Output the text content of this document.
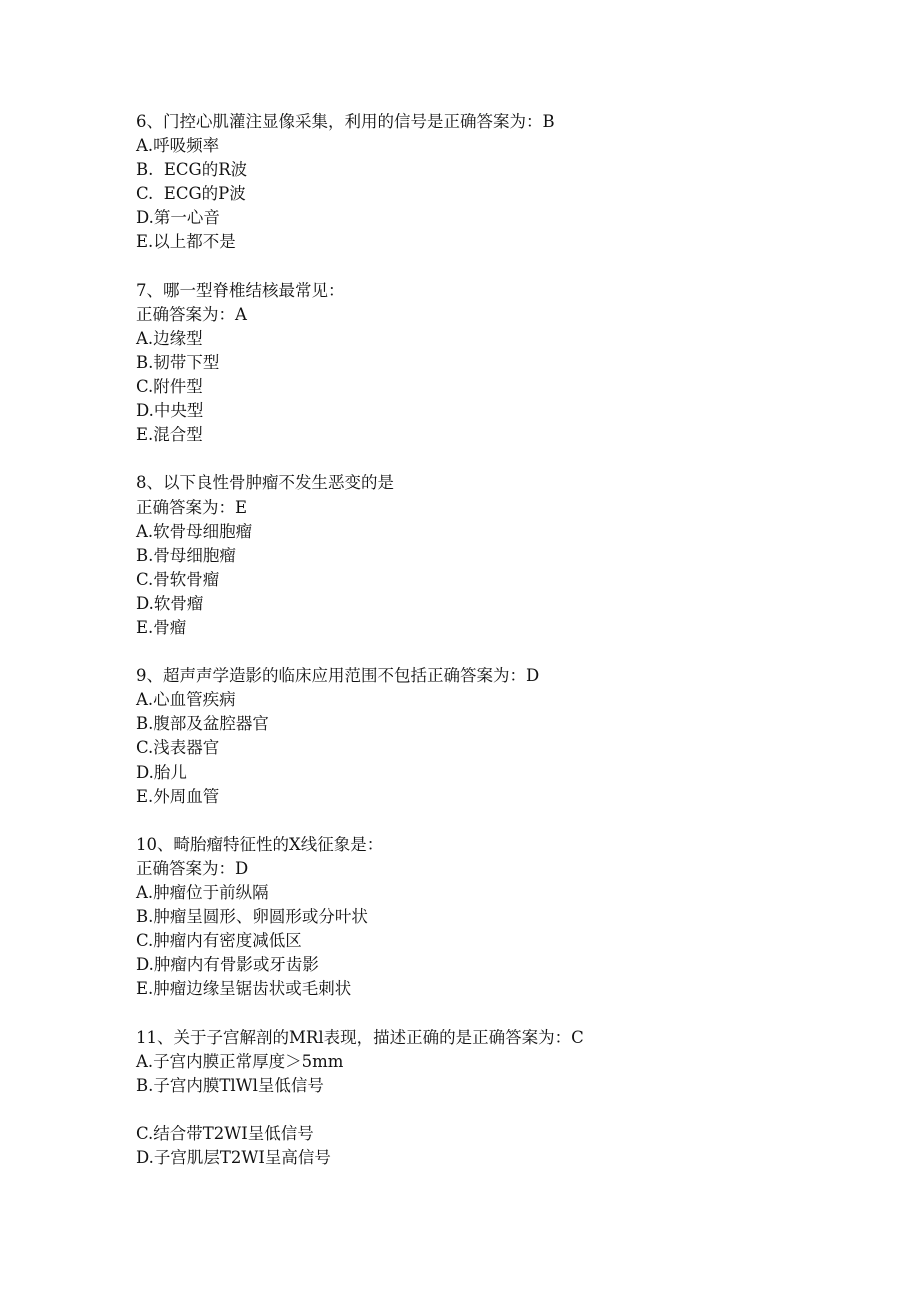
6、门控心肌灌注显像采集，利用的信号是正确答案为：B
A.呼吸频率
B.  ECG的R波
C.  ECG的P波
D.第一心音
E.以上都不是
7、哪一型脊椎结核最常见：
正确答案为：A
A.边缘型
B.韧带下型
C.附件型
D.中央型
E.混合型
8、以下良性骨肿瘤不发生恶变的是
正确答案为：E
A.软骨母细胞瘤
B.骨母细胞瘤
C.骨软骨瘤
D.软骨瘤
E.骨瘤
9、超声声学造影的临床应用范围不包括正确答案为：D
A.心血管疾病
B.腹部及盆腔器官
C.浅表器官
D.胎儿
E.外周血管
10、畸胎瘤特征性的X线征象是：
正确答案为：D
A.肿瘤位于前纵隔
B.肿瘤呈圆形、卵圆形或分叶状
C.肿瘤内有密度减低区
D.肿瘤内有骨影或牙齿影
E.肿瘤边缘呈锯齿状或毛刺状
11、关于子宫解剖的MRl表现，描述正确的是正确答案为：C
A.子宫内膜正常厚度＞5mm
B.子宫内膜TlWl呈低信号
C.结合带T2WI呈低信号
D.子宫肌层T2WI呈高信号
